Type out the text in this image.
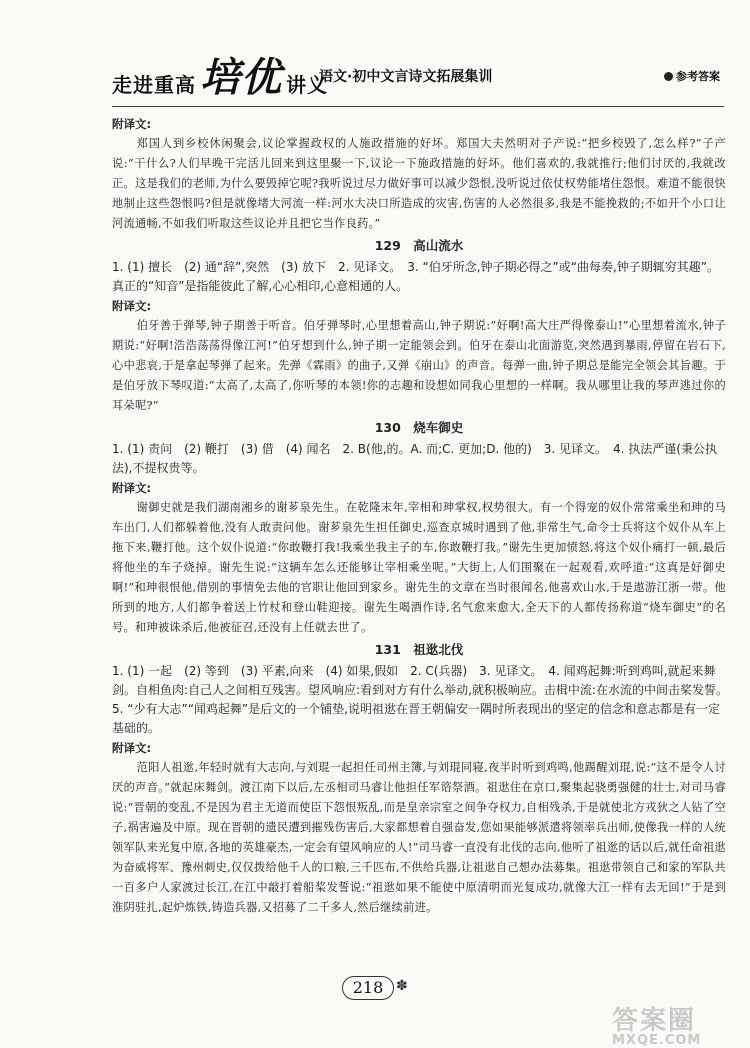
走进重高 培优 讲义
语文·初中文言诗文拓展集训	参考答案
附译文:

郑国人到乡校休闲聚会,议论掌握政权的人施政措施的好坏。郑国大夫然明对子产说:“把乡校毁了,怎么样?”子产说:“干什么?人们早晚干完活儿回来到这里聚一下,议论一下施政措施的好坏。他们喜欢的,我就推行;他们讨厌的,我就改正。这是我们的老师,为什么要毁掉它呢?我听说过尽力做好事可以减少怨恨,没听说过依仗权势能堵住怨恨。难道不能很快地制止这些怨恨吗?但是就像堵大河流一样:河水大决口所造成的灾害,伤害的人必然很多,我是不能挽救的;不如开个小口让河流通畅,不如我们听取这些议论并且把它当作良药。”

129　高山流水

1. (1) 擅长　(2) 通“辞”,突然　(3) 放下　2. 见译文。　3. “伯牙所念,钟子期必得之”或“曲每奏,钟子期辄穷其趣”。真正的“知音”是指能彼此了解,心心相印,心意相通的人。

附译文:

伯牙善于弹琴,钟子期善于听音。伯牙弹琴时,心里想着高山,钟子期说:“好啊!高大庄严得像泰山!”心里想着流水,钟子期说:“好啊!浩浩荡荡得像江河!”伯牙想到什么,钟子期一定能领会到。伯牙在泰山北面游览,突然遇到暴雨,停留在岩石下,心中悲哀,于是拿起琴弹了起来。先弹《霖雨》的曲子,又弹《崩山》的声音。每弹一曲,钟子期总是能完全领会其旨趣。于是伯牙放下琴叹道:“太高了,太高了,你听琴的本领!你的志趣和设想如同我心里想的一样啊。我从哪里让我的琴声逃过你的耳朵呢?”

130　烧车御史

1. (1) 责问　(2) 鞭打　(3) 借　(4) 闻名　2. B(他,的。A. 而;C. 更加;D. 他的)　3. 见译文。　4. 执法严谨(秉公执法),不提权贵等。

附译文:

谢御史就是我们湖南湘乡的谢芗泉先生。在乾隆末年,宰相和珅掌权,权势很大。有一个得宠的奴仆常常乘坐和珅的马车出门,人们都躲着他,没有人敢责问他。谢芗泉先生担任御史,巡查京城时遇到了他,非常生气,命令士兵将这个奴仆从车上拖下来,鞭打他。这个奴仆说道:“你敢鞭打我!我乘坐我主子的车,你敢鞭打我。”谢先生更加愤怒,将这个奴仆痛打一顿,最后将他坐的车子烧掉。谢先生说:“这辆车怎么还能够让宰相乘坐呢。”大街上,人们围聚在一起观看,欢呼道:“这真是好御史啊!”和珅很恨他,借别的事情免去他的官职让他回到家乡。谢先生的文章在当时很闻名,他喜欢山水,于是遨游江浙一带。他所到的地方,人们都争着送上竹杖和登山鞋迎接。谢先生喝酒作诗,名气愈来愈大,全天下的人都传扬称道“烧车御史”的名号。和珅被诛杀后,他被征召,还没有上任就去世了。

131　祖逖北伐

1. (1) 一起　(2) 等到　(3) 平素,向来　(4) 如果,假如　2. C(兵器)　3. 见译文。　4. 闻鸡起舞:听到鸡叫,就起来舞剑。自相鱼肉:自己人之间相互残害。望风响应:看到对方有什么举动,就积极响应。击楫中流:在水流的中间击桨发誓。　5. “少有大志”“闻鸡起舞”是后文的一个铺垫,说明祖逖在晋王朝偏安一隅时所表现出的坚定的信念和意志都是有一定基础的。

附译文:

范阳人祖逖,年轻时就有大志向,与刘琨一起担任司州主簿,与刘琨同寝,夜半时听到鸡鸣,他踢醒刘琨,说:“这不是令人讨厌的声音。”就起床舞剑。渡江南下以后,左丞相司马睿让他担任军谘祭酒。祖逖住在京口,聚集起骁勇强健的壮士,对司马睿说:“晋朝的变乱,不是因为君主无道而使臣下怨恨叛乱,而是皇亲宗室之间争夺权力,自相残杀,于是就使北方戎狄之人钻了空子,祸害遍及中原。现在晋朝的遗民遭到摧残伤害后,大家都想着自强奋发,您如果能够派遣将领率兵出师,使像我一样的人统领军队来光复中原,各地的英雄豪杰,一定会有望风响应的人!”司马睿一直没有北伐的志向,他听了祖逖的话以后,就任命祖逖为奋威将军、豫州刺史,仅仅拨给他千人的口粮,三千匹布,不供给兵器,让祖逖自己想办法募集。祖逖带领自己和家的军队共一百多户人家渡过长江,在江中敲打着船桨发誓说:“祖逖如果不能使中原清明而光复成功,就像大江一样有去无回!”于是到淮阴驻扎,起炉炼铁,铸造兵器,又招募了二千多人,然后继续前进。

218 ✽
答案圈
MXQE.COM
